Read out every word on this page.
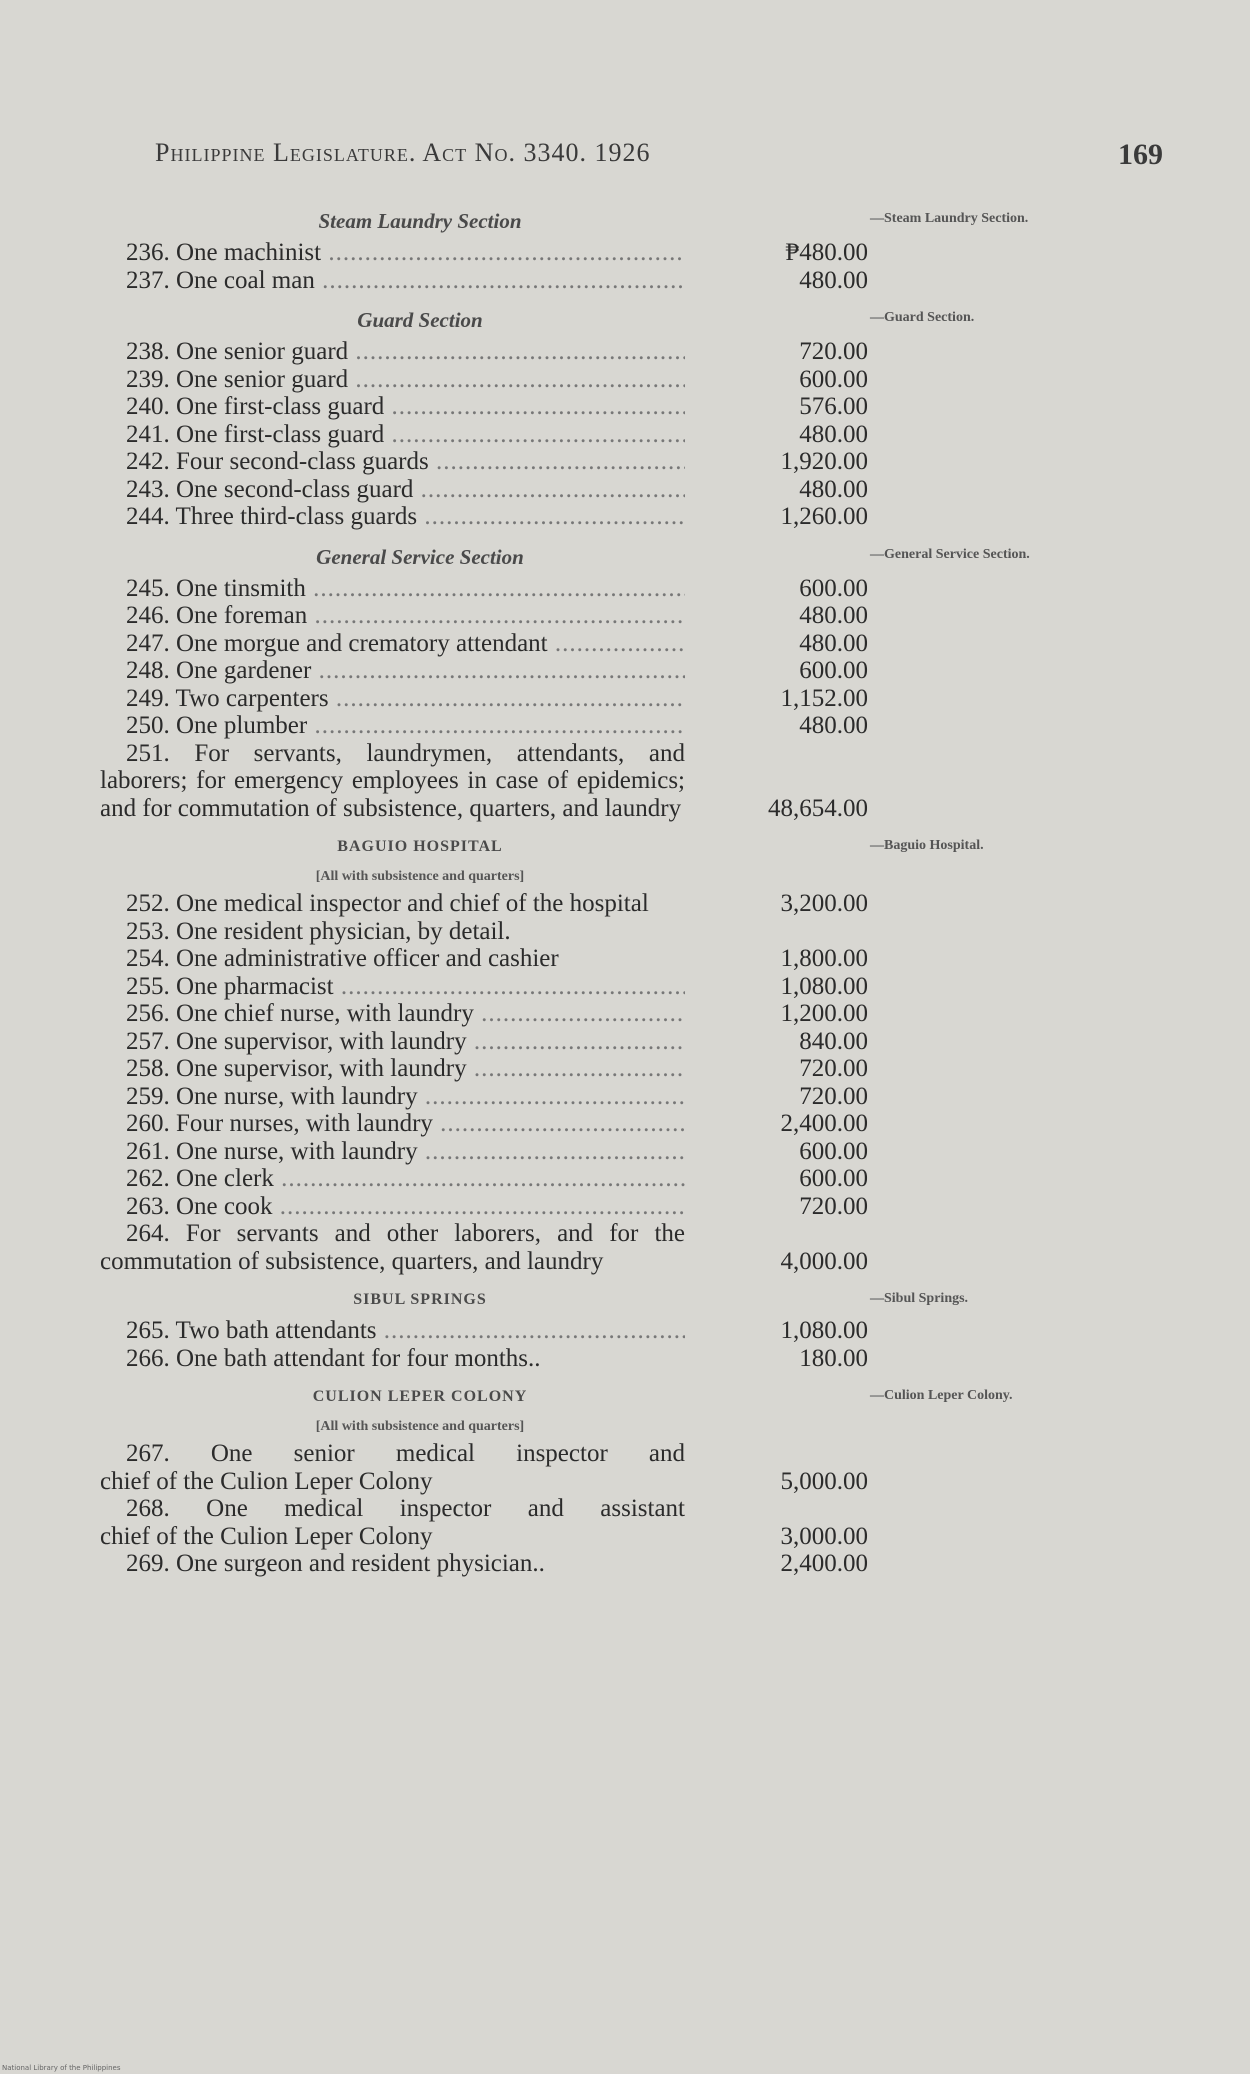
Philippine Legislature. Act No. 3340. 1926	169
Steam Laundry Section
236. One machinist .....	₱480.00
237. One coal man .....	480.00
Guard Section
238. One senior guard .....	720.00
239. One senior guard .....	600.00
240. One first-class guard .....	576.00
241. One first-class guard .....	480.00
242. Four second-class guards .....	1,920.00
243. One second-class guard .....	480.00
244. Three third-class guards .....	1,260.00
General Service Section
245. One tinsmith .....	600.00
246. One foreman .....	480.00
247. One morgue and crematory attendant .....	480.00
248. One gardener .....	600.00
249. Two carpenters .....	1,152.00
250. One plumber .....	480.00
251. For servants, laundrymen, attendants, and laborers; for emergency employees in case of epidemics; and for commutation of subsistence, quarters, and laundry	48,654.00
BAGUIO HOSPITAL
[All with subsistence and quarters]
252. One medical inspector and chief of the hospital	3,200.00
253. One resident physician, by detail.
254. One administrative officer and cashier	1,800.00
255. One pharmacist .....	1,080.00
256. One chief nurse, with laundry .....	1,200.00
257. One supervisor, with laundry .....	840.00
258. One supervisor, with laundry .....	720.00
259. One nurse, with laundry .....	720.00
260. Four nurses, with laundry .....	2,400.00
261. One nurse, with laundry .....	600.00
262. One clerk .....	600.00
263. One cook .....	720.00
264. For servants and other laborers, and for the commutation of subsistence, quarters, and laundry	4,000.00
SIBUL SPRINGS
265. Two bath attendants .....	1,080.00
266. One bath attendant for four months..	180.00
CULION LEPER COLONY
[All with subsistence and quarters]
267. One senior medical inspector and chief of the Culion Leper Colony	5,000.00
268. One medical inspector and assistant chief of the Culion Leper Colony	3,000.00
269. One surgeon and resident physician..	2,400.00
—Steam Laundry Section.
—Guard Section.
—General Service Section.
—Baguio Hospital.
—Sibul Springs.
—Culion Leper Colony.
National Library of the Philippines
